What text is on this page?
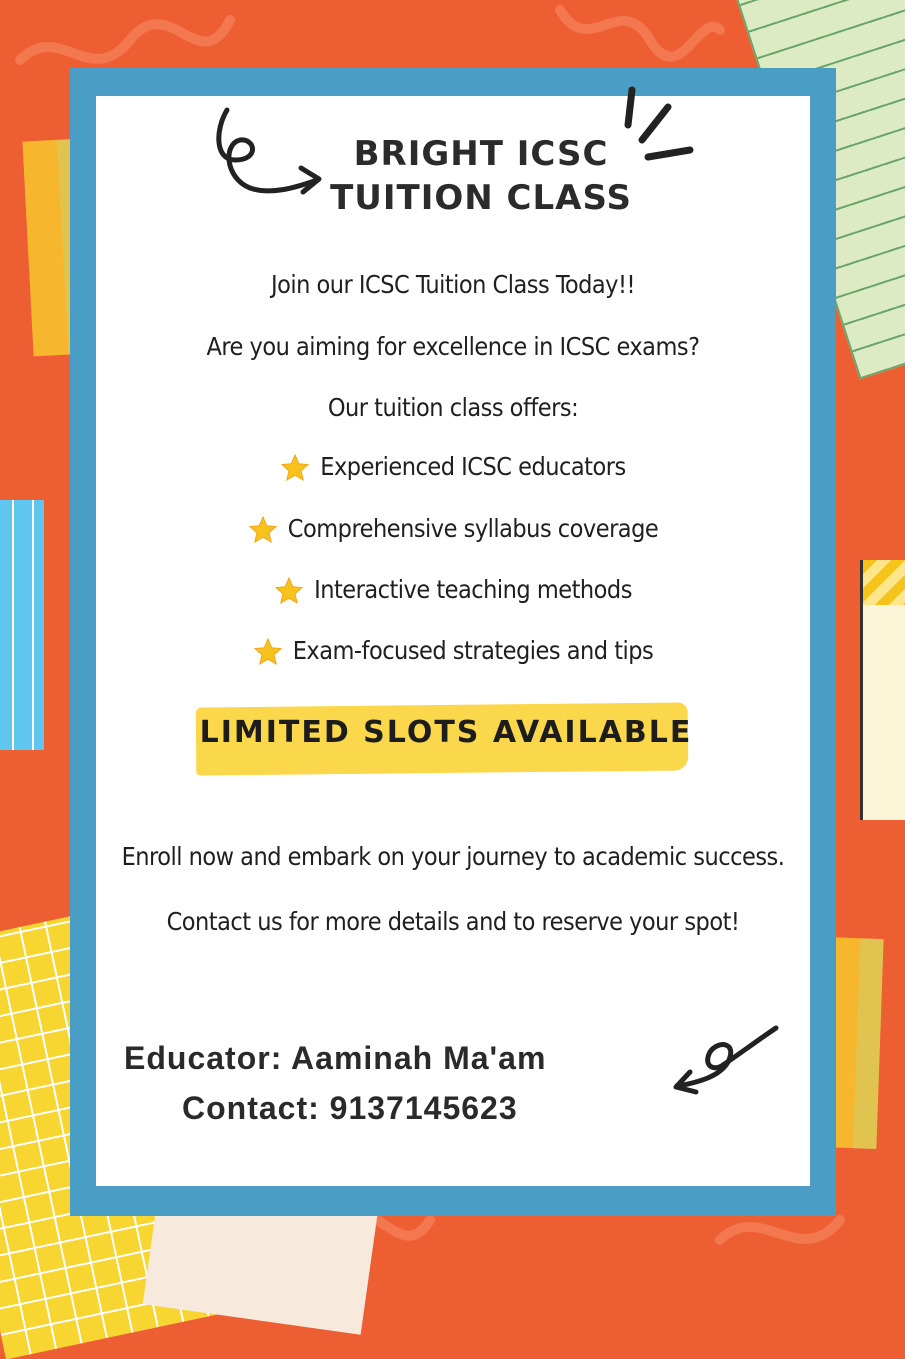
BRIGHT ICSC
TUITION CLASS
Join our ICSC Tuition Class Today!!
Are you aiming for excellence in ICSC exams?
Our tuition class offers:
Experienced ICSC educators
Comprehensive syllabus coverage
Interactive teaching methods
Exam-focused strategies and tips
LIMITED SLOTS AVAILABLE
Enroll now and embark on your journey to academic success.
Contact us for more details and to reserve your spot!
Educator: Aaminah Ma'am
Contact: 9137145623
